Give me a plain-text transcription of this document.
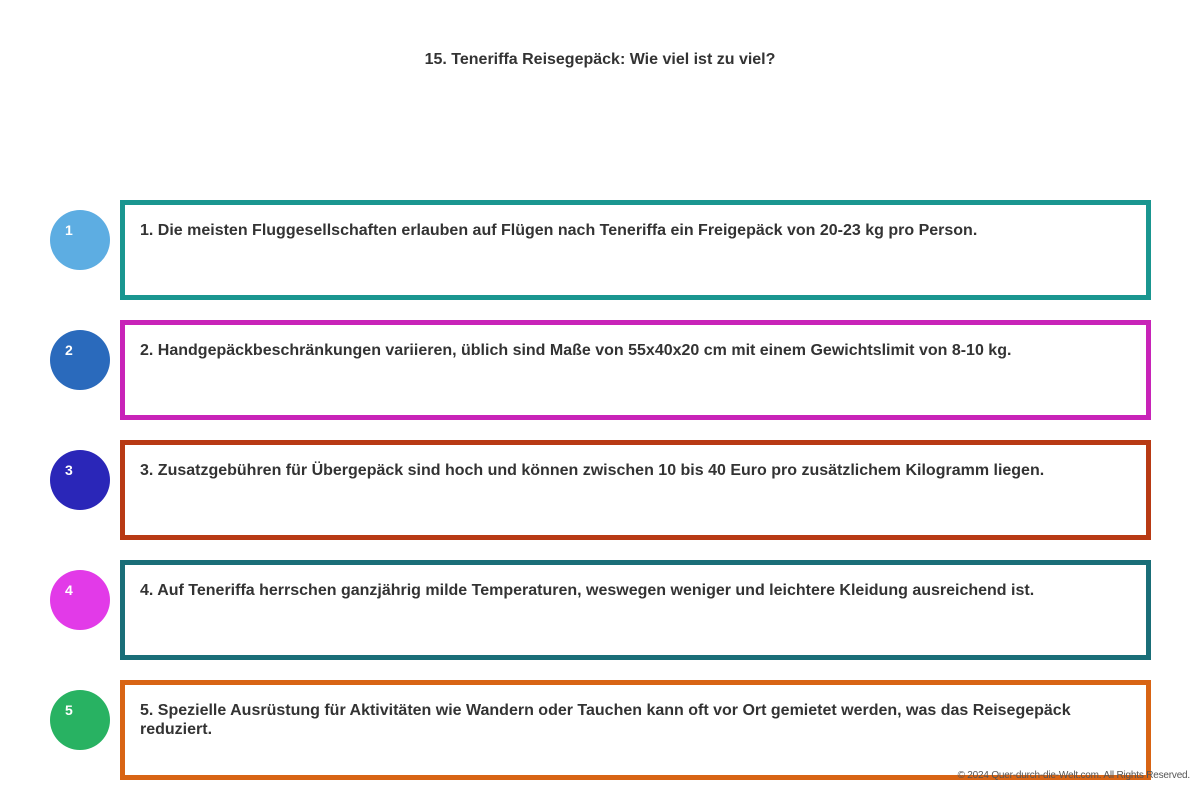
15. Teneriffa Reisegepäck: Wie viel ist zu viel?
1	1. Die meisten Fluggesellschaften erlauben auf Flügen nach Teneriffa ein Freigepäck von 20-23 kg pro Person.
2	2. Handgepäckbeschränkungen variieren, üblich sind Maße von 55x40x20 cm mit einem Gewichtslimit von 8-10 kg.
3	3. Zusatzgebühren für Übergepäck sind hoch und können zwischen 10 bis 40 Euro pro zusätzlichem Kilogramm liegen.
4	4. Auf Teneriffa herrschen ganzjährig milde Temperaturen, weswegen weniger und leichtere Kleidung ausreichend ist.
5	5. Spezielle Ausrüstung für Aktivitäten wie Wandern oder Tauchen kann oft vor Ort gemietet werden, was das Reisegepäck reduziert.
© 2024 Quer-durch-die-Welt.com. All Rights Reserved.
